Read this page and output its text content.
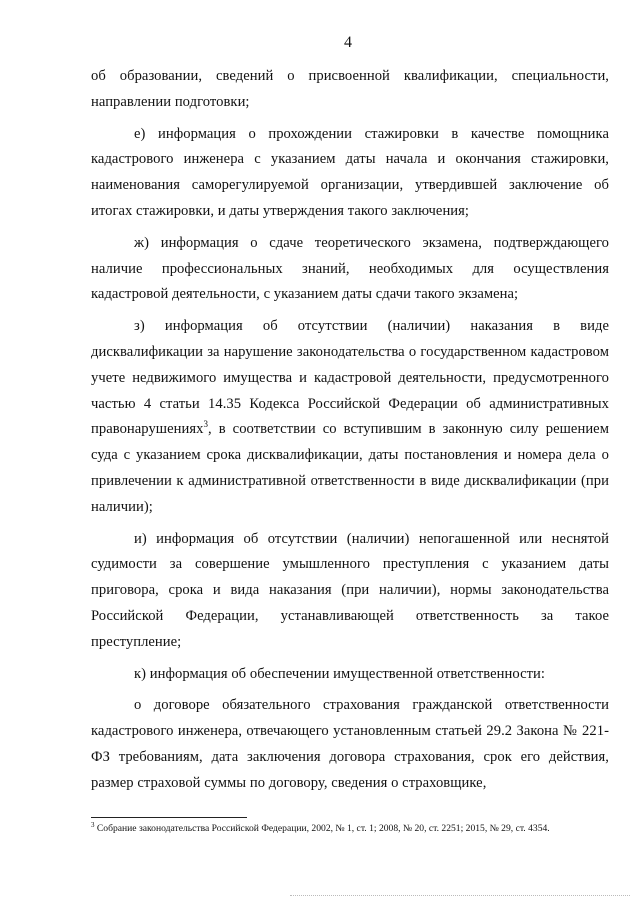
4

об образовании, сведений о присвоенной квалификации, специальности, направлении подготовки;

е) информация о прохождении стажировки в качестве помощника кадастрового инженера с указанием даты начала и окончания стажировки, наименования саморегулируемой организации, утвердившей заключение об итогах стажировки, и даты утверждения такого заключения;

ж) информация о сдаче теоретического экзамена, подтверждающего наличие профессиональных знаний, необходимых для осуществления кадастровой деятельности, с указанием даты сдачи такого экзамена;

з) информация об отсутствии (наличии) наказания в виде дисквалификации за нарушение законодательства о государственном кадастровом учете недвижимого имущества и кадастровой деятельности, предусмотренного частью 4 статьи 14.35 Кодекса Российской Федерации об административных правонарушениях$^3$, в соответствии со вступившим в законную силу решением суда с указанием срока дисквалификации, даты постановления и номера дела о привлечении к административной ответственности в виде дисквалификации (при наличии);

и) информация об отсутствии (наличии) непогашенной или неснятой судимости за совершение умышленного преступления с указанием даты приговора, срока и вида наказания (при наличии), нормы законодательства Российской Федерации, устанавливающей ответственность за такое преступление;

к) информация об обеспечении имущественной ответственности:

о договоре обязательного страхования гражданской ответственности кадастрового инженера, отвечающего установленным статьей 29.2 Закона № 221-ФЗ требованиям, дата заключения договора страхования, срок его действия, размер страховой суммы по договору, сведения о страховщике,

$^3$ Собрание законодательства Российской Федерации, 2002, № 1, ст. 1; 2008, № 20, ст. 2251; 2015, № 29, ст. 4354.
